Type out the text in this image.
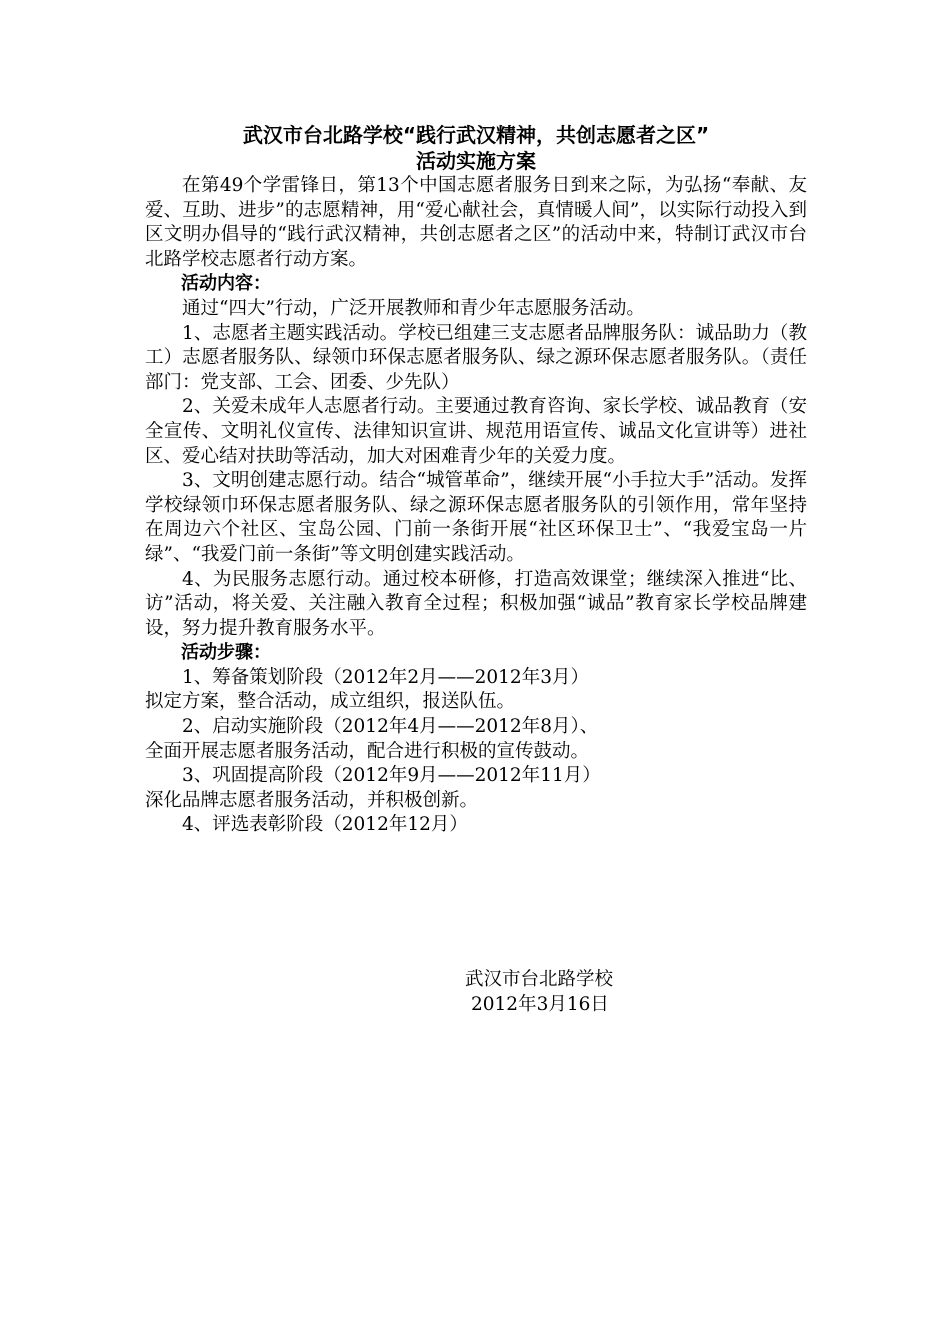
武汉市台北路学校“践行武汉精神，共创志愿者之区”

活动实施方案

在第49个学雷锋日，第13个中国志愿者服务日到来之际，为弘扬“奉献、友爱、互助、进步”的志愿精神，用“爱心献社会，真情暖人间”，以实际行动投入到区文明办倡导的“践行武汉精神，共创志愿者之区”的活动中来，特制订武汉市台北路学校志愿者行动方案。

活动内容：

通过“四大”行动，广泛开展教师和青少年志愿服务活动。

1、志愿者主题实践活动。学校已组建三支志愿者品牌服务队：诚品助力（教工）志愿者服务队、绿领巾环保志愿者服务队、绿之源环保志愿者服务队。（责任部门：党支部、工会、团委、少先队）

2、关爱未成年人志愿者行动。主要通过教育咨询、家长学校、诚品教育（安全宣传、文明礼仪宣传、法律知识宣讲、规范用语宣传、诚品文化宣讲等）进社区、爱心结对扶助等活动，加大对困难青少年的关爱力度。

3、文明创建志愿行动。结合“城管革命”，继续开展“小手拉大手”活动。发挥学校绿领巾环保志愿者服务队、绿之源环保志愿者服务队的引领作用，常年坚持在周边六个社区、宝岛公园、门前一条街开展“社区环保卫士”、“我爱宝岛一片绿”、“我爱门前一条街”等文明创建实践活动。

4、为民服务志愿行动。通过校本研修，打造高效课堂；继续深入推进“比、访”活动，将关爱、关注融入教育全过程；积极加强“诚品”教育家长学校品牌建设，努力提升教育服务水平。

活动步骤：

1、筹备策划阶段（2012年2月——2012年3月）

拟定方案，整合活动，成立组织，报送队伍。

2、启动实施阶段（2012年4月——2012年8月）、

全面开展志愿者服务活动，配合进行积极的宣传鼓动。

3、巩固提高阶段（2012年9月——2012年11月）

深化品牌志愿者服务活动，并积极创新。

4、评选表彰阶段（2012年12月）

武汉市台北路学校

2012年3月16日
